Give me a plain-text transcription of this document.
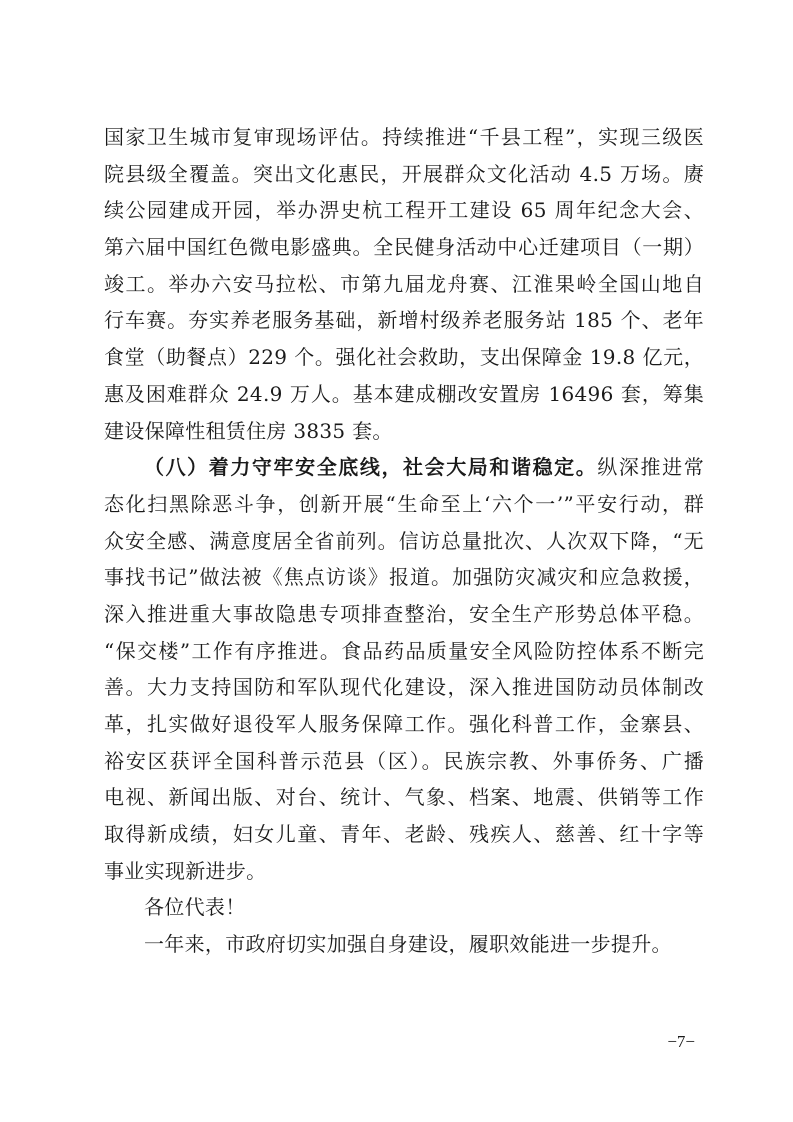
国家卫生城市复审现场评估。持续推进“千县工程”，实现三级医
院县级全覆盖。突出文化惠民，开展群众文化活动 4.5 万场。赓
续公园建成开园，举办淠史杭工程开工建设 65 周年纪念大会、
第六届中国红色微电影盛典。全民健身活动中心迁建项目（一期）
竣工。举办六安马拉松、市第九届龙舟赛、江淮果岭全国山地自
行车赛。夯实养老服务基础，新增村级养老服务站 185 个、老年
食堂（助餐点）229 个。强化社会救助，支出保障金 19.8 亿元，
惠及困难群众 24.9 万人。基本建成棚改安置房 16496 套，筹集
建设保障性租赁住房 3835 套。
（八）着力守牢安全底线，社会大局和谐稳定。纵深推进常
态化扫黑除恶斗争，创新开展“生命至上‘六个一’”平安行动，群
众安全感、满意度居全省前列。信访总量批次、人次双下降，“无
事找书记”做法被《焦点访谈》报道。加强防灾减灾和应急救援，
深入推进重大事故隐患专项排查整治，安全生产形势总体平稳。
“保交楼”工作有序推进。食品药品质量安全风险防控体系不断完
善。大力支持国防和军队现代化建设，深入推进国防动员体制改
革，扎实做好退役军人服务保障工作。强化科普工作，金寨县、
裕安区获评全国科普示范县（区）。民族宗教、外事侨务、广播
电视、新闻出版、对台、统计、气象、档案、地震、供销等工作
取得新成绩，妇女儿童、青年、老龄、残疾人、慈善、红十字等
事业实现新进步。
各位代表！
一年来，市政府切实加强自身建设，履职效能进一步提升。
−7−
